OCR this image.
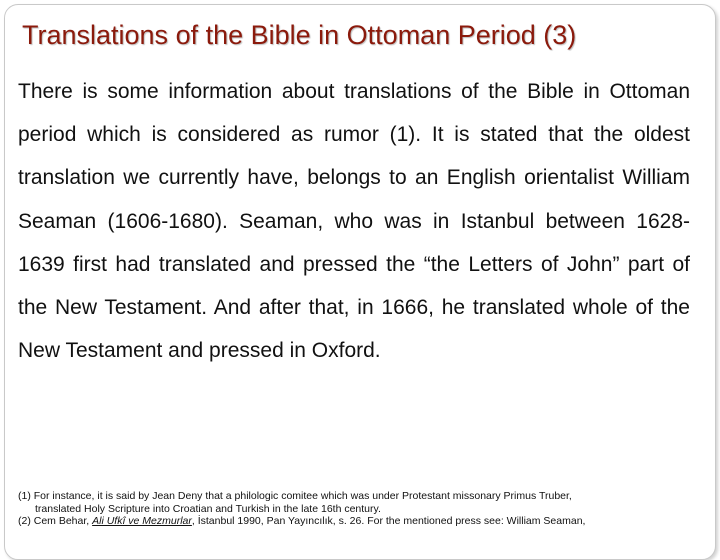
Translations of the Bible in Ottoman Period (3)

There is some information about translations of the Bible in Ottoman period which is considered as rumor (1). It is stated that the oldest translation we currently have, belongs to an English orientalist William Seaman (1606-1680). Seaman, who was in Istanbul between 1628-1639 first had translated and pressed the “the Letters of John” part of the New Testament. And after that, in 1666, he translated whole of the New Testament and pressed in Oxford.

(1) For instance, it is said by Jean Deny that a philologic comitee which was under Protestant missonary Primus Truber,
translated Holy Scripture into Croatian and Turkish in the late 16th century.

(2) Cem Behar, Ali Ufkî ve Mezmurlar, İstanbul 1990, Pan Yayıncılık, s. 26. For the mentioned press see: William Seaman,
